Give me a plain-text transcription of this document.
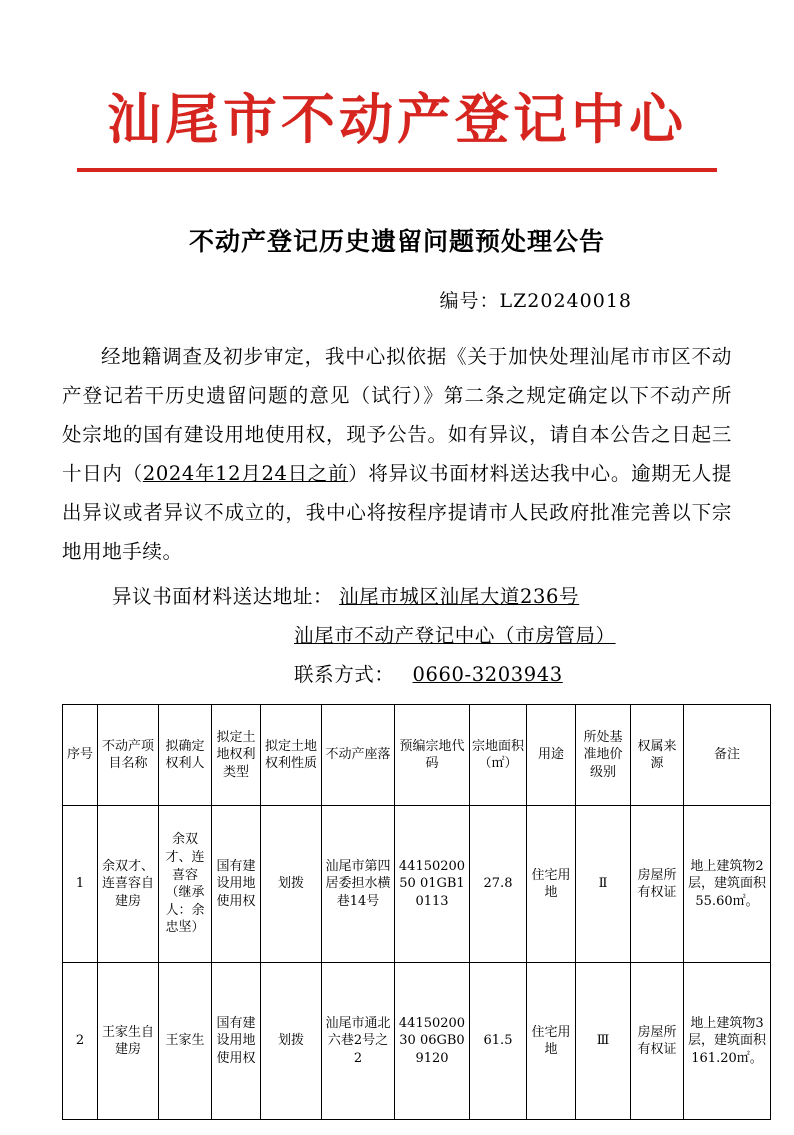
汕尾市不动产登记中心
不动产登记历史遗留问题预处理公告
编号：LZ20240018

经地籍调查及初步审定，我中心拟依据《关于加快处理汕尾市市区不动产登记若干历史遗留问题的意见（试行）》第二条之规定确定以下不动产所处宗地的国有建设用地使用权，现予公告。如有异议，请自本公告之日起三十日内（2024年12月24日之前）将异议书面材料送达我中心。逾期无人提出异议或者异议不成立的，我中心将按程序提请市人民政府批准完善以下宗地用地手续。

异议书面材料送达地址： 汕尾市城区汕尾大道236号
汕尾市不动产登记中心（市房管局）
联系方式： 0660-3203943
序号	不动产项目名称	拟确定权利人	拟定土地权利类型	拟定土地权利性质	不动产座落	预编宗地代码	宗地面积（㎡）	用途	所处基准地价级别	权属来源	备注
1	余双才、连喜容自建房	余双才、连喜容（继承人：余忠坚）	国有建设用地使用权	划拨	汕尾市第四居委担水横巷14号	4415020050 01GB10113	27.8	住宅用地	Ⅱ	房屋所有权证	地上建筑物2层，建筑面积55.60㎡。
2	王家生自建房	王家生	国有建设用地使用权	划拨	汕尾市通北六巷2号之2	4415020030 06GB09120	61.5	住宅用地	Ⅲ	房屋所有权证	地上建筑物3层，建筑面积161.20㎡。
